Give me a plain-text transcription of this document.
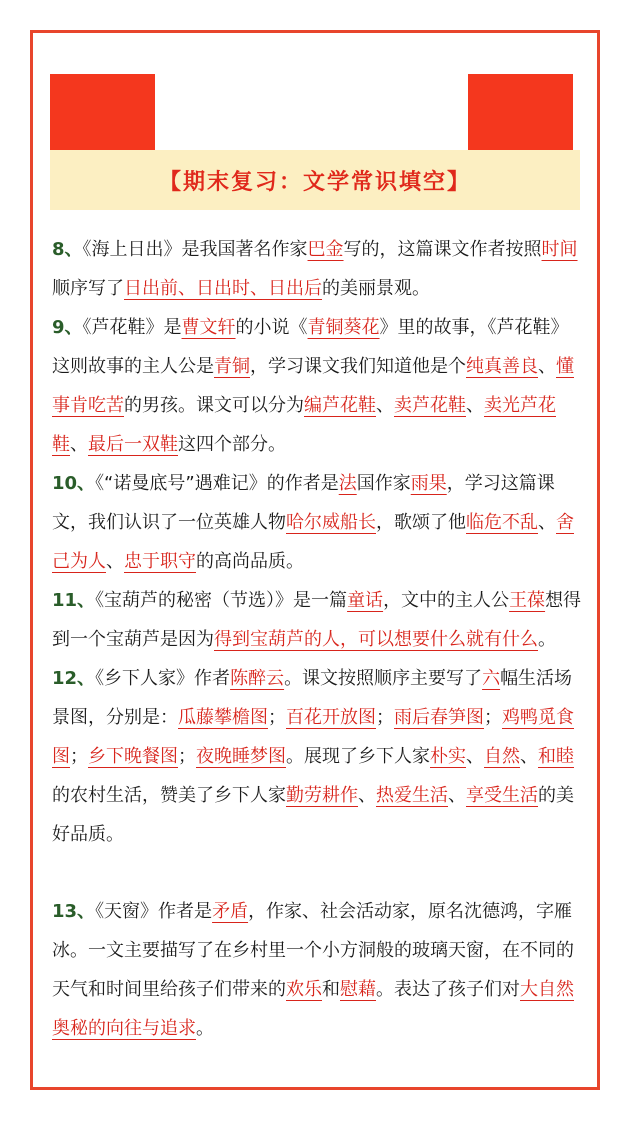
【期末复习：文学常识填空】

8、《海上日出》是我国著名作家巴金写的，这篇课文作者按照时间顺序写了日出前、日出时、日出后的美丽景观。

9、《芦花鞋》是曹文轩的小说《青铜葵花》里的故事，《芦花鞋》这则故事的主人公是青铜，学习课文我们知道他是个纯真善良、懂事肯吃苦的男孩。课文可以分为编芦花鞋、卖芦花鞋、卖光芦花鞋、最后一双鞋这四个部分。

10、《“诺曼底号”遇难记》的作者是法国作家雨果，学习这篇课文，我们认识了一位英雄人物哈尔威船长，歌颂了他临危不乱、舍己为人、忠于职守的高尚品质。

11、《宝葫芦的秘密（节选）》是一篇童话，文中的主人公王葆想得到一个宝葫芦是因为得到宝葫芦的人，可以想要什么就有什么。

12、《乡下人家》作者陈醉云。课文按照顺序主要写了六幅生活场景图，分别是：瓜藤攀檐图；百花开放图；雨后春笋图；鸡鸭觅食图；乡下晚餐图；夜晚睡梦图。展现了乡下人家朴实、自然、和睦的农村生活，赞美了乡下人家勤劳耕作、热爱生活、享受生活的美好品质。

13、《天窗》作者是矛盾，作家、社会活动家，原名沈德鸿，字雁冰。一文主要描写了在乡村里一个小方洞般的玻璃天窗，在不同的天气和时间里给孩子们带来的欢乐和慰藉。表达了孩子们对大自然奥秘的向往与追求。
